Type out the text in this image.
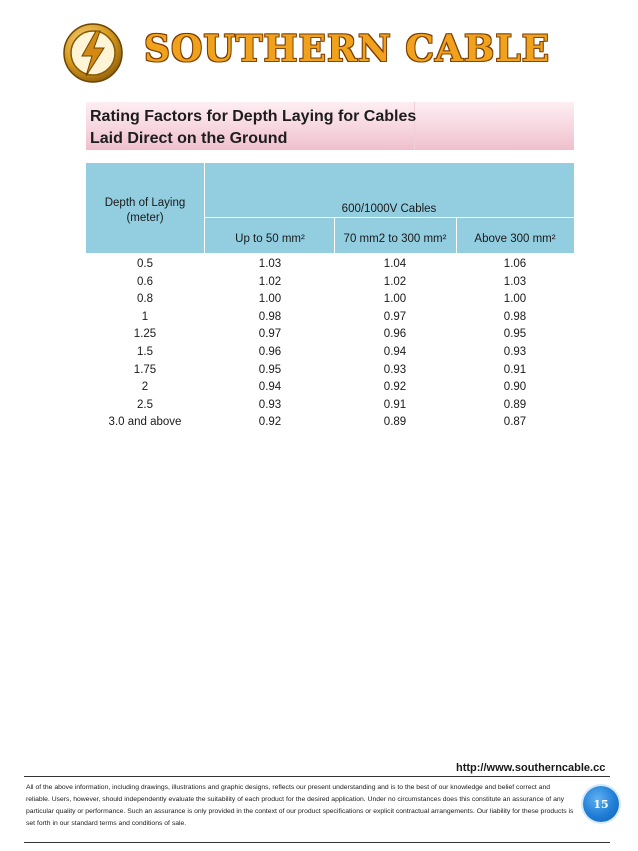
SOUTHERN CABLE
Rating Factors for Depth Laying for Cables
Laid Direct on the Ground
Depth of Laying (meter)
600/1000V Cables
Up to 50 mm²	70 mm2 to 300 mm²	Above 300 mm²
0.5	1.03	1.04	1.06
0.6	1.02	1.02	1.03
0.8	1.00	1.00	1.00
1	0.98	0.97	0.98
1.25	0.97	0.96	0.95
1.5	0.96	0.94	0.93
1.75	0.95	0.93	0.91
2	0.94	0.92	0.90
2.5	0.93	0.91	0.89
3.0 and above	0.92	0.89	0.87
http://www.southerncable.cc
All of the above information, including drawings, illustrations and graphic designs, reflects our present understanding and is to the best of our knowledge and belief correct and reliable. Users, however, should independently evaluate the suitability of each product for the desired application. Under no circumstances does this constitute an assurance of any particular quality or performance. Such an assurance is only provided in the context of our product specifications or explicit contractual arrangements. Our liability for these products is set forth in our standard terms and conditions of sale.
15
